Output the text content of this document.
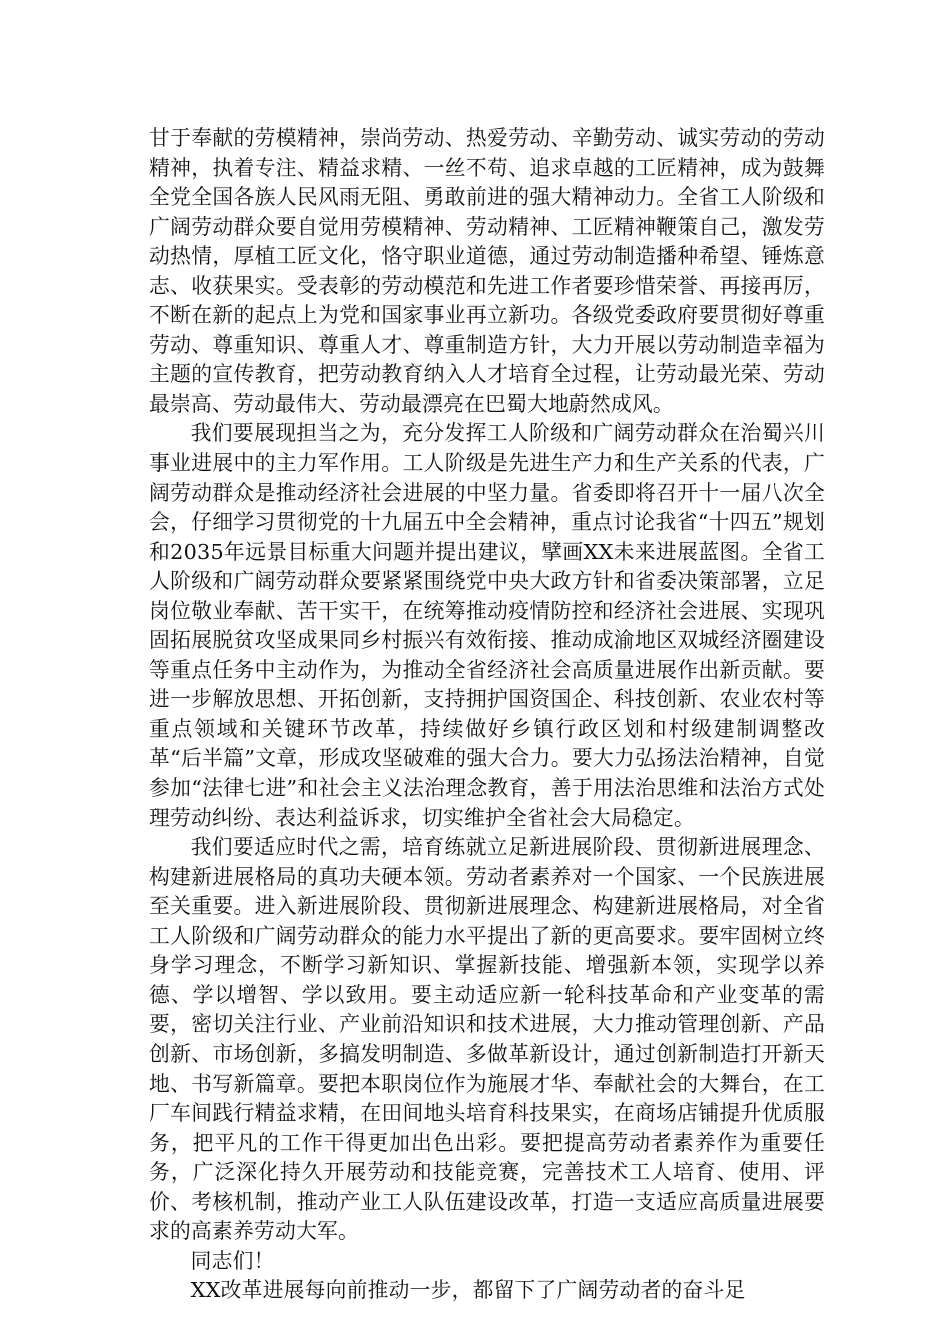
甘于奉献的劳模精神，崇尚劳动、热爱劳动、辛勤劳动、诚实劳动的劳动精神，执着专注、精益求精、一丝不苟、追求卓越的工匠精神，成为鼓舞全党全国各族人民风雨无阻、勇敢前进的强大精神动力。全省工人阶级和广阔劳动群众要自觉用劳模精神、劳动精神、工匠精神鞭策自己，激发劳动热情，厚植工匠文化，恪守职业道德，通过劳动制造播种希望、锤炼意志、收获果实。受表彰的劳动模范和先进工作者要珍惜荣誉、再接再厉，不断在新的起点上为党和国家事业再立新功。各级党委政府要贯彻好尊重劳动、尊重知识、尊重人才、尊重制造方针，大力开展以劳动制造幸福为主题的宣传教育，把劳动教育纳入人才培育全过程，让劳动最光荣、劳动最崇高、劳动最伟大、劳动最漂亮在巴蜀大地蔚然成风。

我们要展现担当之为，充分发挥工人阶级和广阔劳动群众在治蜀兴川事业进展中的主力军作用。工人阶级是先进生产力和生产关系的代表，广阔劳动群众是推动经济社会进展的中坚力量。省委即将召开十一届八次全会，仔细学习贯彻党的十九届五中全会精神，重点讨论我省“十四五”规划和2035年远景目标重大问题并提出建议，擘画XX未来进展蓝图。全省工人阶级和广阔劳动群众要紧紧围绕党中央大政方针和省委决策部署，立足岗位敬业奉献、苦干实干，在统筹推动疫情防控和经济社会进展、实现巩固拓展脱贫攻坚成果同乡村振兴有效衔接、推动成渝地区双城经济圈建设等重点任务中主动作为，为推动全省经济社会高质量进展作出新贡献。要进一步解放思想、开拓创新，支持拥护国资国企、科技创新、农业农村等重点领域和关键环节改革，持续做好乡镇行政区划和村级建制调整改革“后半篇”文章，形成攻坚破难的强大合力。要大力弘扬法治精神，自觉参加“法律七进”和社会主义法治理念教育，善于用法治思维和法治方式处理劳动纠纷、表达利益诉求，切实维护全省社会大局稳定。

我们要适应时代之需，培育练就立足新进展阶段、贯彻新进展理念、构建新进展格局的真功夫硬本领。劳动者素养对一个国家、一个民族进展至关重要。进入新进展阶段、贯彻新进展理念、构建新进展格局，对全省工人阶级和广阔劳动群众的能力水平提出了新的更高要求。要牢固树立终身学习理念，不断学习新知识、掌握新技能、增强新本领，实现学以养德、学以增智、学以致用。要主动适应新一轮科技革命和产业变革的需要，密切关注行业、产业前沿知识和技术进展，大力推动管理创新、产品创新、市场创新，多搞发明制造、多做革新设计，通过创新制造打开新天地、书写新篇章。要把本职岗位作为施展才华、奉献社会的大舞台，在工厂车间践行精益求精，在田间地头培育科技果实，在商场店铺提升优质服务，把平凡的工作干得更加出色出彩。要把提高劳动者素养作为重要任务，广泛深化持久开展劳动和技能竞赛，完善技术工人培育、使用、评价、考核机制，推动产业工人队伍建设改革，打造一支适应高质量进展要求的高素养劳动大军。

同志们！

XX改革进展每向前推动一步，都留下了广阔劳动者的奋斗足
